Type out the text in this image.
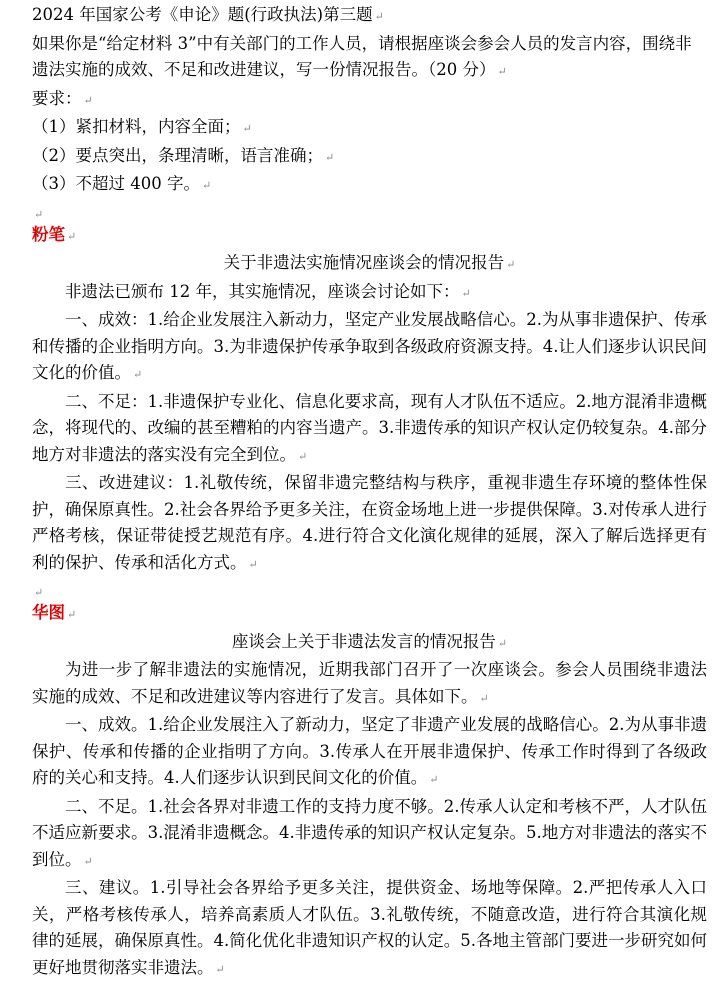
2024 年国家公考《申论》题(行政执法)第三题 ↵
如果你是“给定材料 3”中有关部门的工作人员，请根据座谈会参会人员的发言内容，围绕非遗法实施的成效、不足和改进建议，写一份情况报告。（20 分） ↵
要求： ↵
（1）紧扣材料，内容全面； ↵
（2）要点突出，条理清晰，语言准确； ↵
（3）不超过 400 字。 ↵
↵
粉笔 ↵
关于非遗法实施情况座谈会的情况报告 ↵
非遗法已颁布 12 年，其实施情况，座谈会讨论如下： ↵
一、成效：1.给企业发展注入新动力，坚定产业发展战略信心。2.为从事非遗保护、传承和传播的企业指明方向。3.为非遗保护传承争取到各级政府资源支持。4.让人们逐步认识民间文化的价值。 ↵
二、不足：1.非遗保护专业化、信息化要求高，现有人才队伍不适应。2.地方混淆非遗概念，将现代的、改编的甚至糟粕的内容当遗产。3.非遗传承的知识产权认定仍较复杂。4.部分地方对非遗法的落实没有完全到位。 ↵
三、改进建议：1.礼敬传统，保留非遗完整结构与秩序，重视非遗生存环境的整体性保护，确保原真性。2.社会各界给予更多关注，在资金场地上进一步提供保障。3.对传承人进行严格考核，保证带徒授艺规范有序。4.进行符合文化演化规律的延展，深入了解后选择更有利的保护、传承和活化方式。 ↵
↵
华图 ↵
座谈会上关于非遗法发言的情况报告 ↵
为进一步了解非遗法的实施情况，近期我部门召开了一次座谈会。参会人员围绕非遗法实施的成效、不足和改进建议等内容进行了发言。具体如下。 ↵
一、成效。1.给企业发展注入了新动力，坚定了非遗产业发展的战略信心。2.为从事非遗保护、传承和传播的企业指明了方向。3.传承人在开展非遗保护、传承工作时得到了各级政府的关心和支持。4.人们逐步认识到民间文化的价值。 ↵
二、不足。1.社会各界对非遗工作的支持力度不够。2.传承人认定和考核不严，人才队伍不适应新要求。3.混淆非遗概念。4.非遗传承的知识产权认定复杂。5.地方对非遗法的落实不到位。 ↵
三、建议。1.引导社会各界给予更多关注，提供资金、场地等保障。2.严把传承人入口关，严格考核传承人，培养高素质人才队伍。3.礼敬传统，不随意改造，进行符合其演化规律的延展，确保原真性。4.简化优化非遗知识产权的认定。5.各地主管部门要进一步研究如何更好地贯彻落实非遗法。 ↵
